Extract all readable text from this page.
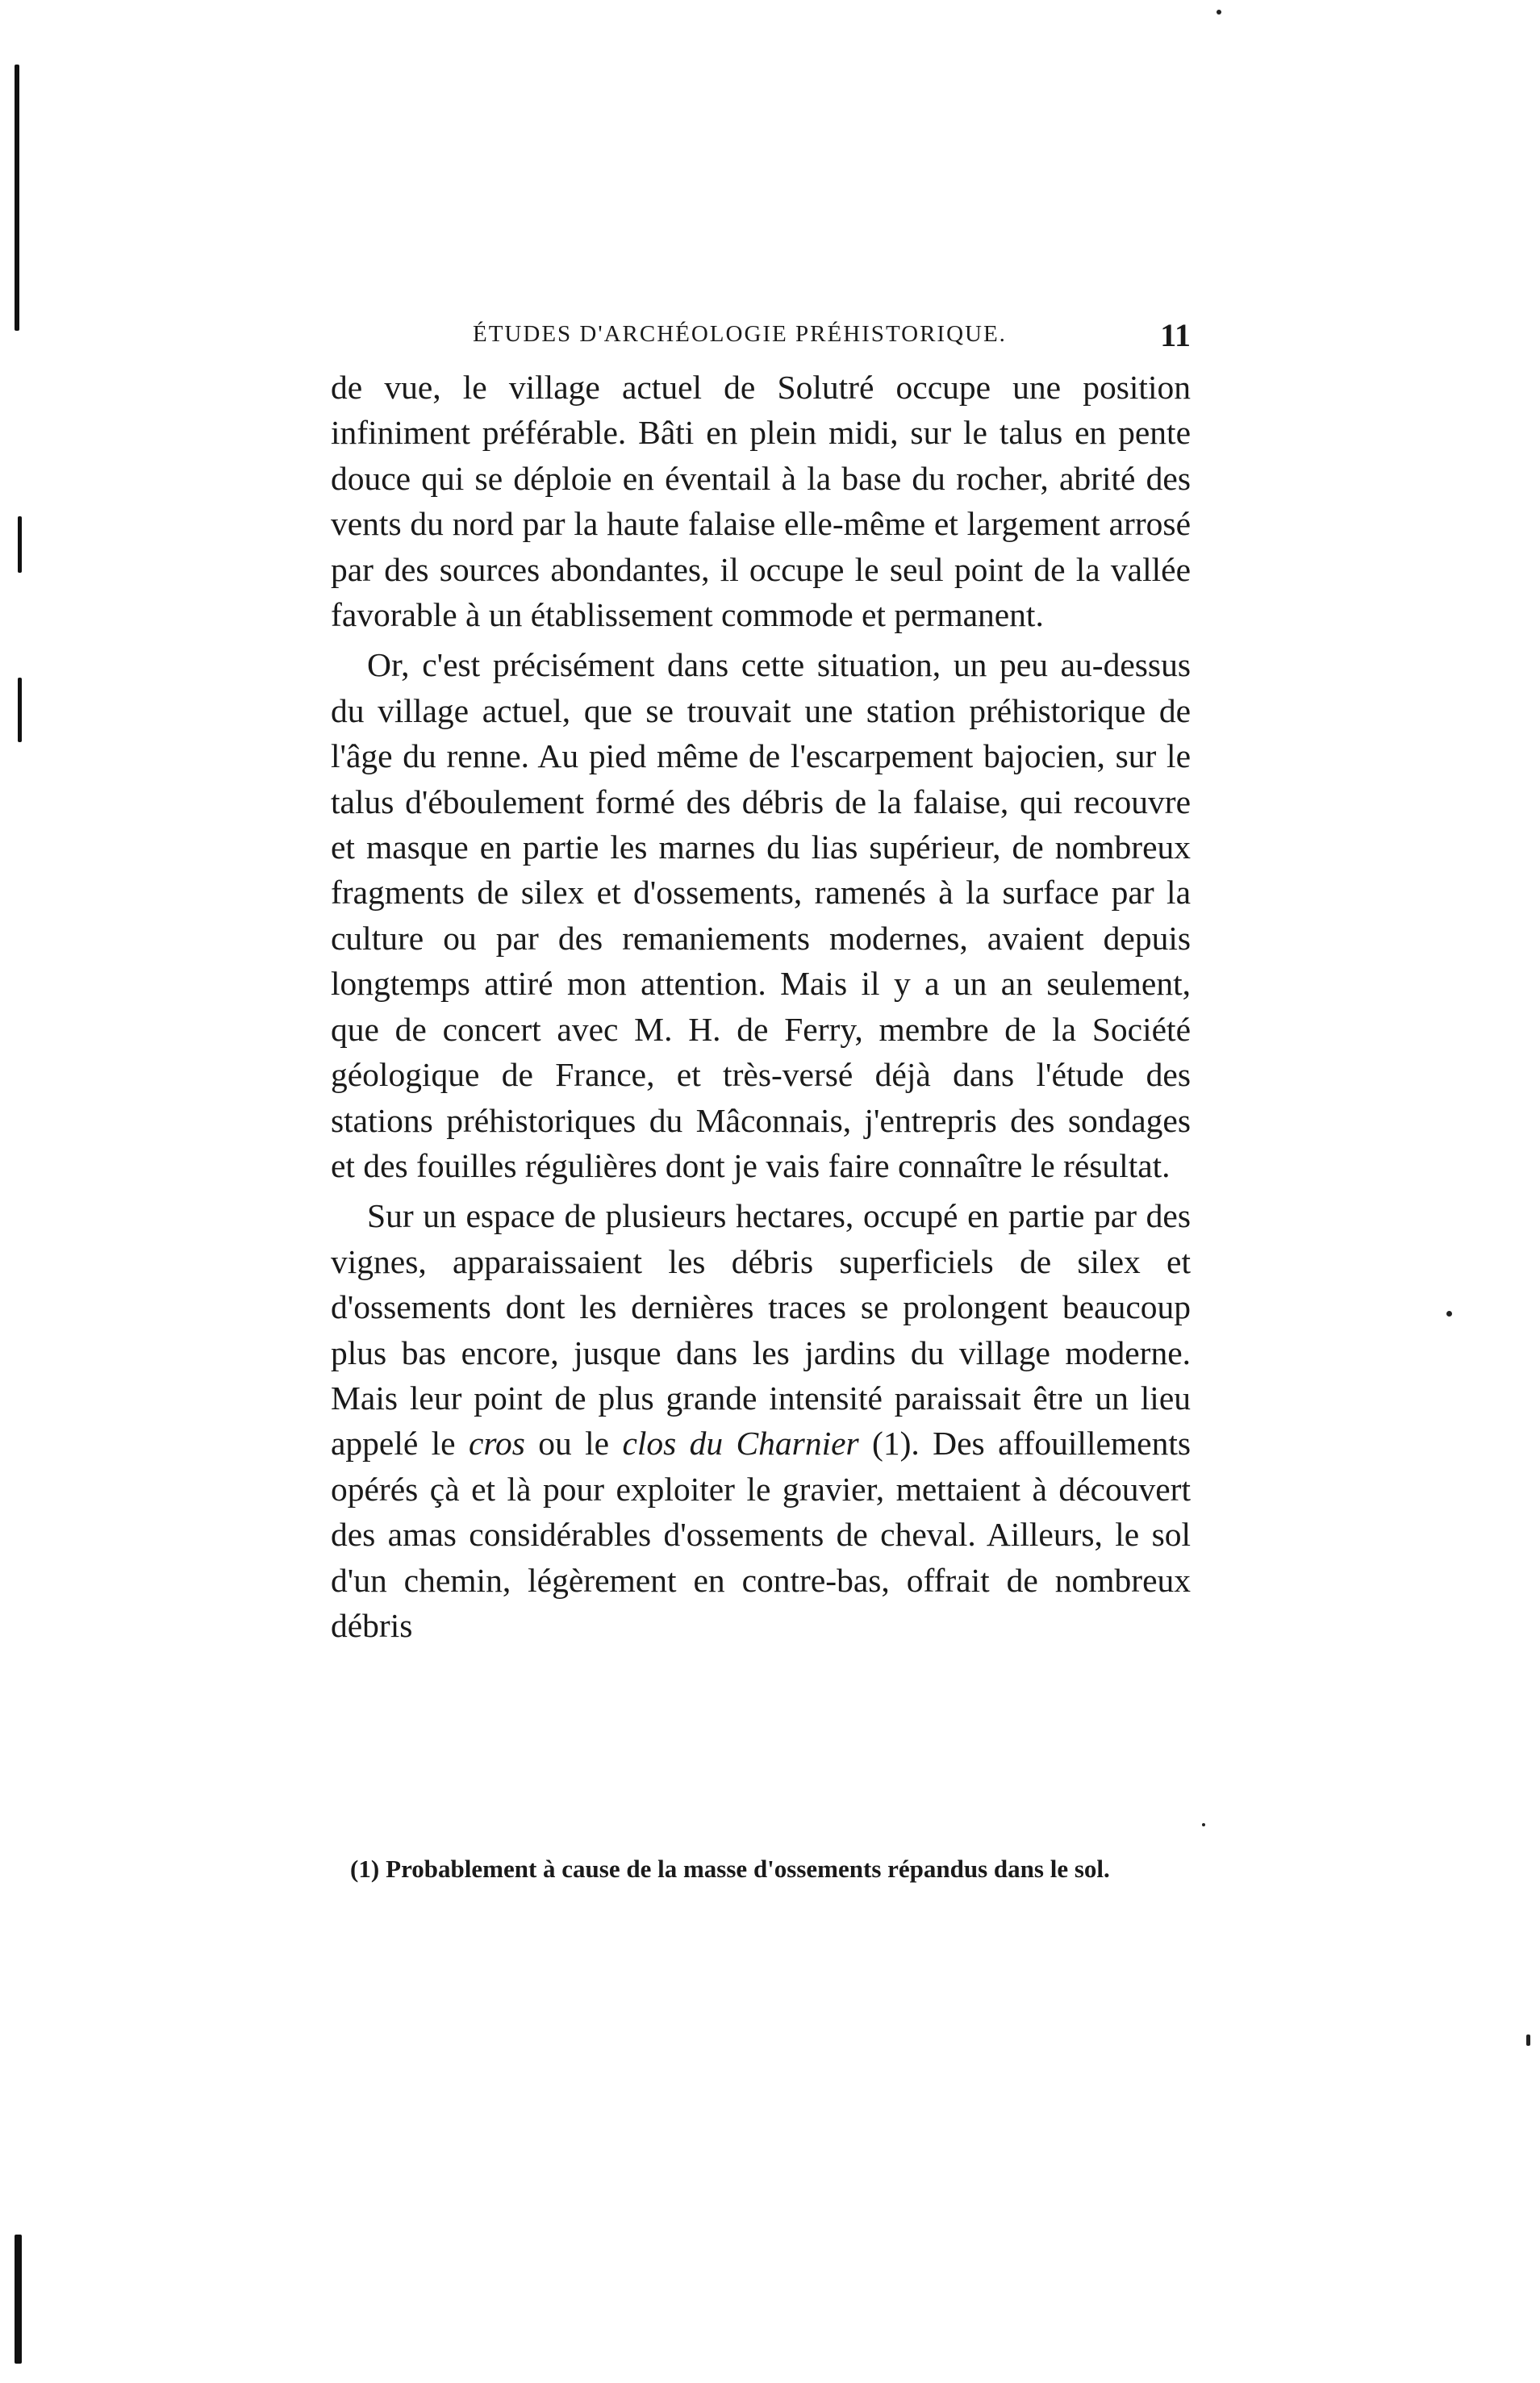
ÉTUDES D'ARCHÉOLOGIE PRÉHISTORIQUE.	11

de vue, le village actuel de Solutré occupe une position infiniment préférable. Bâti en plein midi, sur le talus en pente douce qui se déploie en éventail à la base du rocher, abrité des vents du nord par la haute falaise elle-même et largement arrosé par des sources abondantes, il occupe le seul point de la vallée favorable à un établissement commode et permanent.

Or, c'est précisément dans cette situation, un peu au-dessus du village actuel, que se trouvait une station préhistorique de l'âge du renne. Au pied même de l'escarpement bajocien, sur le talus d'éboulement formé des débris de la falaise, qui recouvre et masque en partie les marnes du lias supérieur, de nombreux fragments de silex et d'ossements, ramenés à la surface par la culture ou par des remaniements modernes, avaient depuis longtemps attiré mon attention. Mais il y a un an seulement, que de concert avec M. H. de Ferry, membre de la Société géologique de France, et très-versé déjà dans l'étude des stations préhistoriques du Mâconnais, j'entrepris des sondages et des fouilles régulières dont je vais faire connaître le résultat.

Sur un espace de plusieurs hectares, occupé en partie par des vignes, apparaissaient les débris superficiels de silex et d'ossements dont les dernières traces se prolongent beaucoup plus bas encore, jusque dans les jardins du village moderne. Mais leur point de plus grande intensité paraissait être un lieu appelé le cros ou le clos du Charnier (1). Des affouillements opérés çà et là pour exploiter le gravier, mettaient à découvert des amas considérables d'ossements de cheval. Ailleurs, le sol d'un chemin, légèrement en contre-bas, offrait de nombreux débris

(1) Probablement à cause de la masse d'ossements répandus dans le sol.
